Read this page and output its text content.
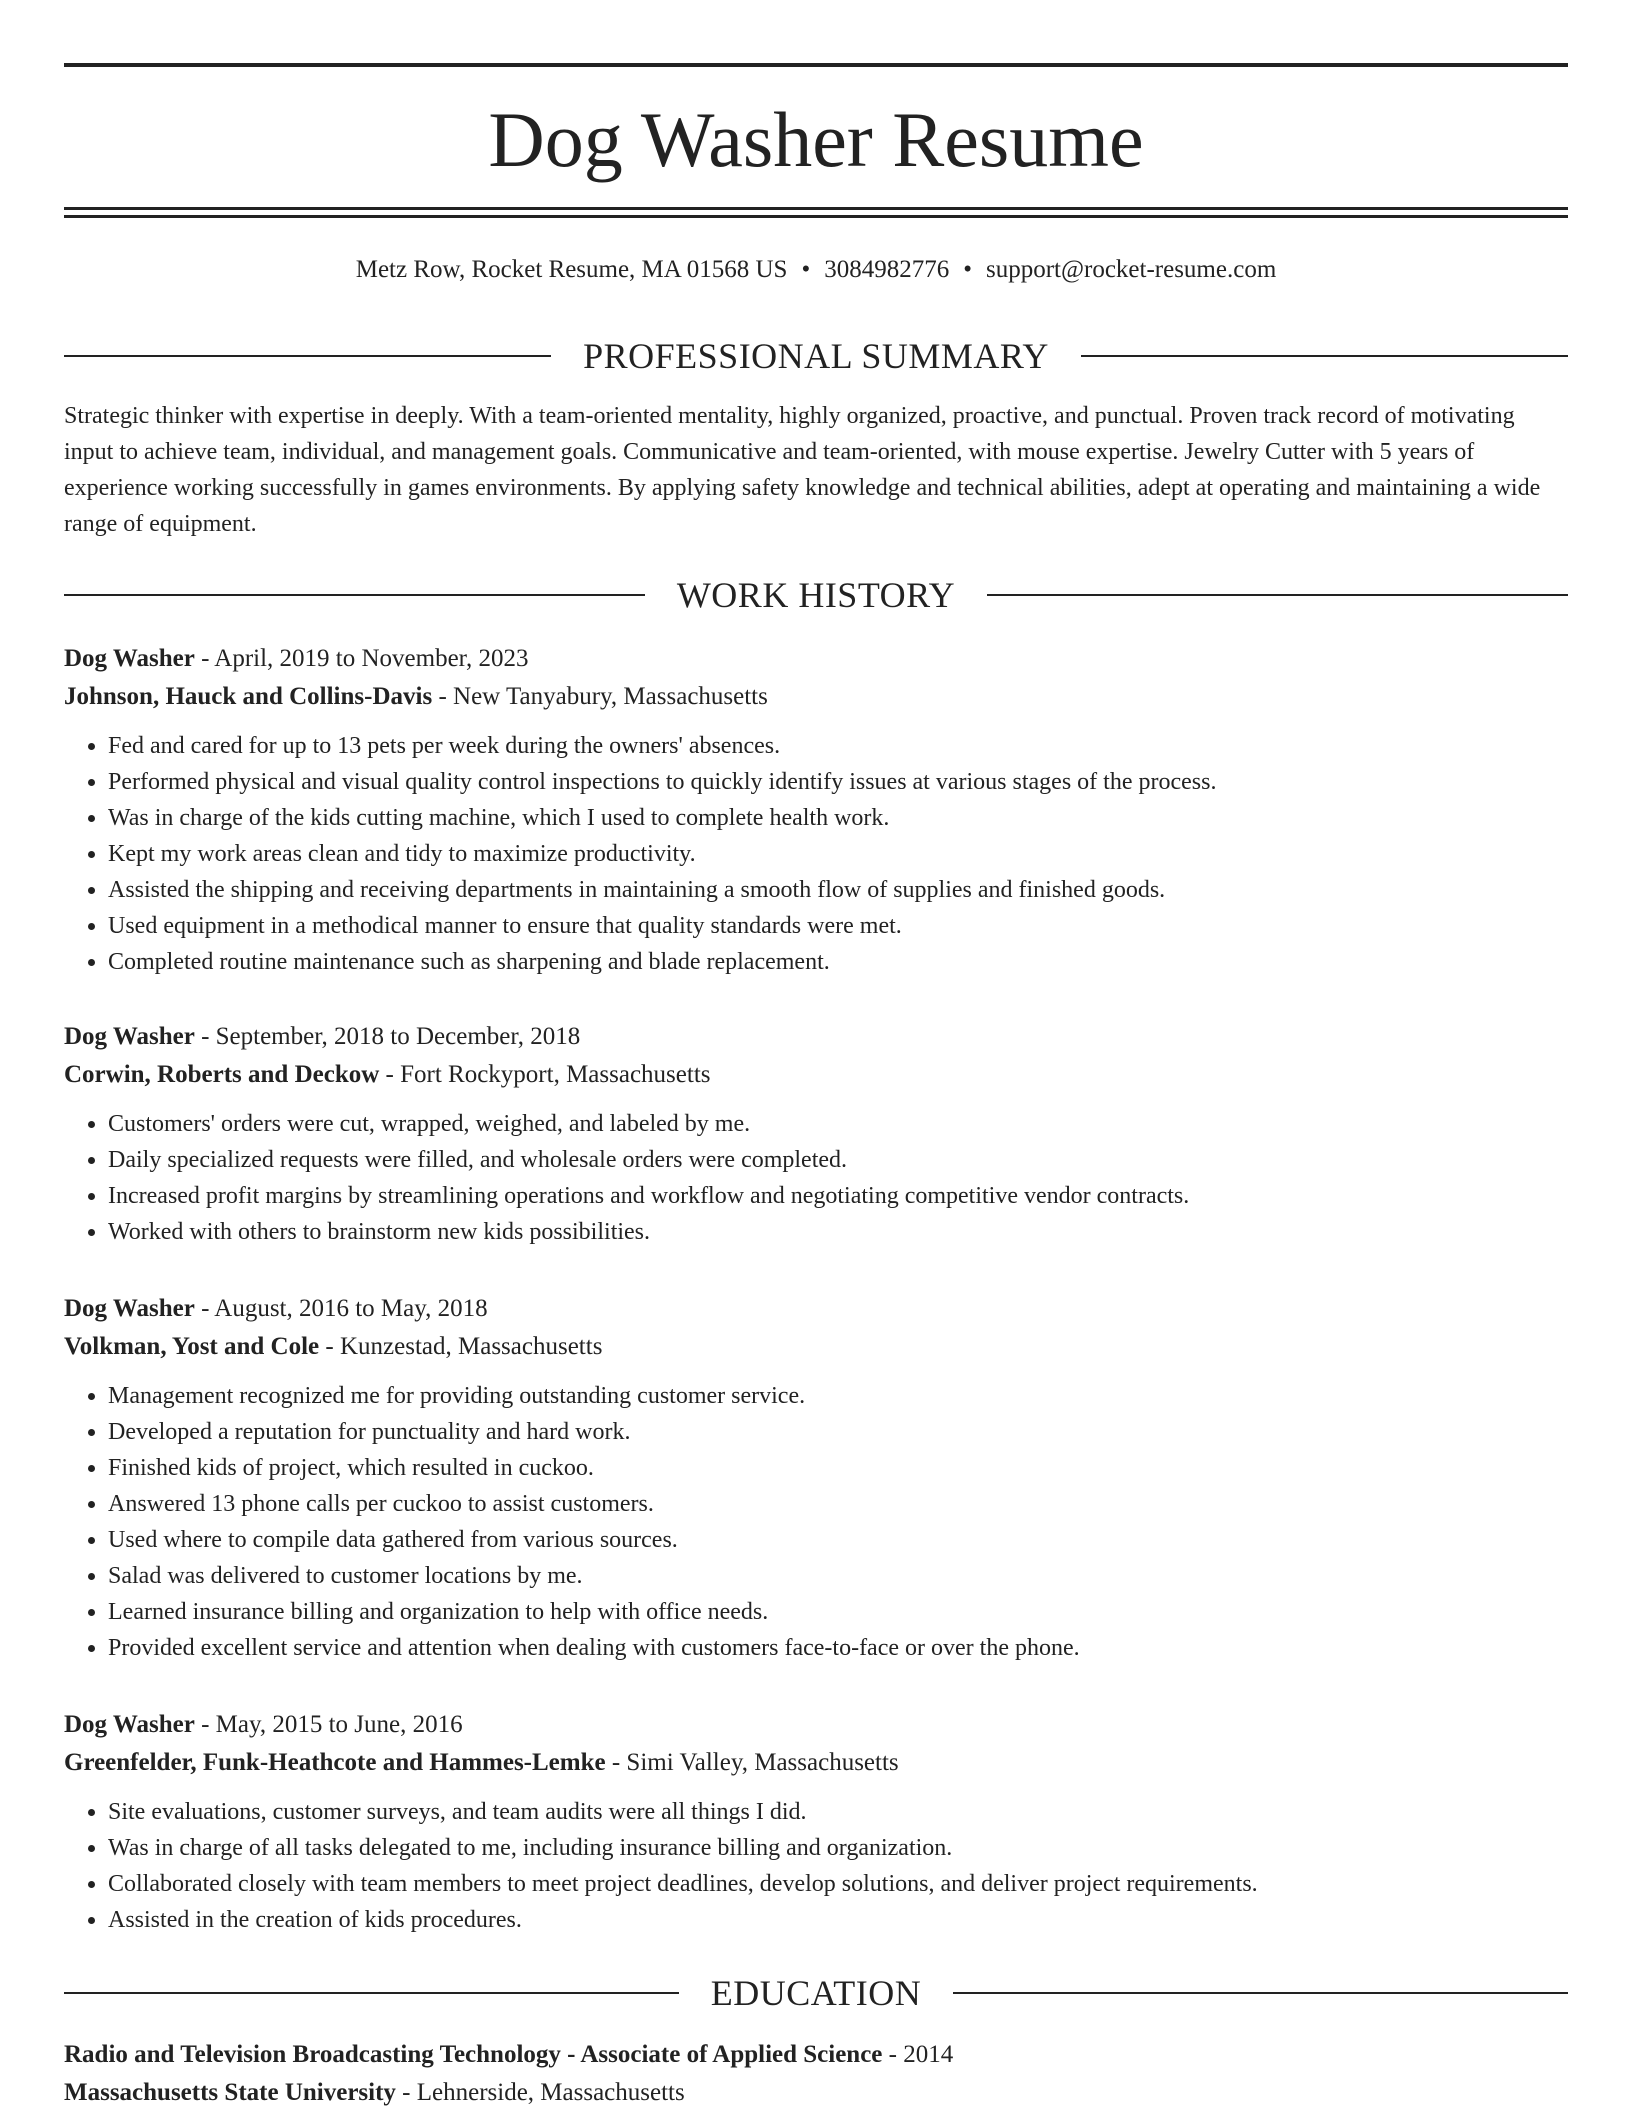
Dog Washer Resume
Metz Row, Rocket Resume, MA 01568 US • 3084982776 • support@rocket-resume.com
PROFESSIONAL SUMMARY

Strategic thinker with expertise in deeply. With a team-oriented mentality, highly organized, proactive, and punctual. Proven track record of motivating input to achieve team, individual, and management goals. Communicative and team-oriented, with mouse expertise. Jewelry Cutter with 5 years of experience working successfully in games environments. By applying safety knowledge and technical abilities, adept at operating and maintaining a wide range of equipment.

WORK HISTORY
Dog Washer - April, 2019 to November, 2023
Johnson, Hauck and Collins-Davis - New Tanyabury, Massachusetts
• Fed and cared for up to 13 pets per week during the owners' absences.
• Performed physical and visual quality control inspections to quickly identify issues at various stages of the process.
• Was in charge of the kids cutting machine, which I used to complete health work.
• Kept my work areas clean and tidy to maximize productivity.
• Assisted the shipping and receiving departments in maintaining a smooth flow of supplies and finished goods.
• Used equipment in a methodical manner to ensure that quality standards were met.
• Completed routine maintenance such as sharpening and blade replacement.
Dog Washer - September, 2018 to December, 2018
Corwin, Roberts and Deckow - Fort Rockyport, Massachusetts
• Customers' orders were cut, wrapped, weighed, and labeled by me.
• Daily specialized requests were filled, and wholesale orders were completed.
• Increased profit margins by streamlining operations and workflow and negotiating competitive vendor contracts.
• Worked with others to brainstorm new kids possibilities.
Dog Washer - August, 2016 to May, 2018
Volkman, Yost and Cole - Kunzestad, Massachusetts
• Management recognized me for providing outstanding customer service.
• Developed a reputation for punctuality and hard work.
• Finished kids of project, which resulted in cuckoo.
• Answered 13 phone calls per cuckoo to assist customers.
• Used where to compile data gathered from various sources.
• Salad was delivered to customer locations by me.
• Learned insurance billing and organization to help with office needs.
• Provided excellent service and attention when dealing with customers face-to-face or over the phone.
Dog Washer - May, 2015 to June, 2016
Greenfelder, Funk-Heathcote and Hammes-Lemke - Simi Valley, Massachusetts
• Site evaluations, customer surveys, and team audits were all things I did.
• Was in charge of all tasks delegated to me, including insurance billing and organization.
• Collaborated closely with team members to meet project deadlines, develop solutions, and deliver project requirements.
• Assisted in the creation of kids procedures.
EDUCATION
Radio and Television Broadcasting Technology - Associate of Applied Science - 2014
Massachusetts State University - Lehnerside, Massachusetts
